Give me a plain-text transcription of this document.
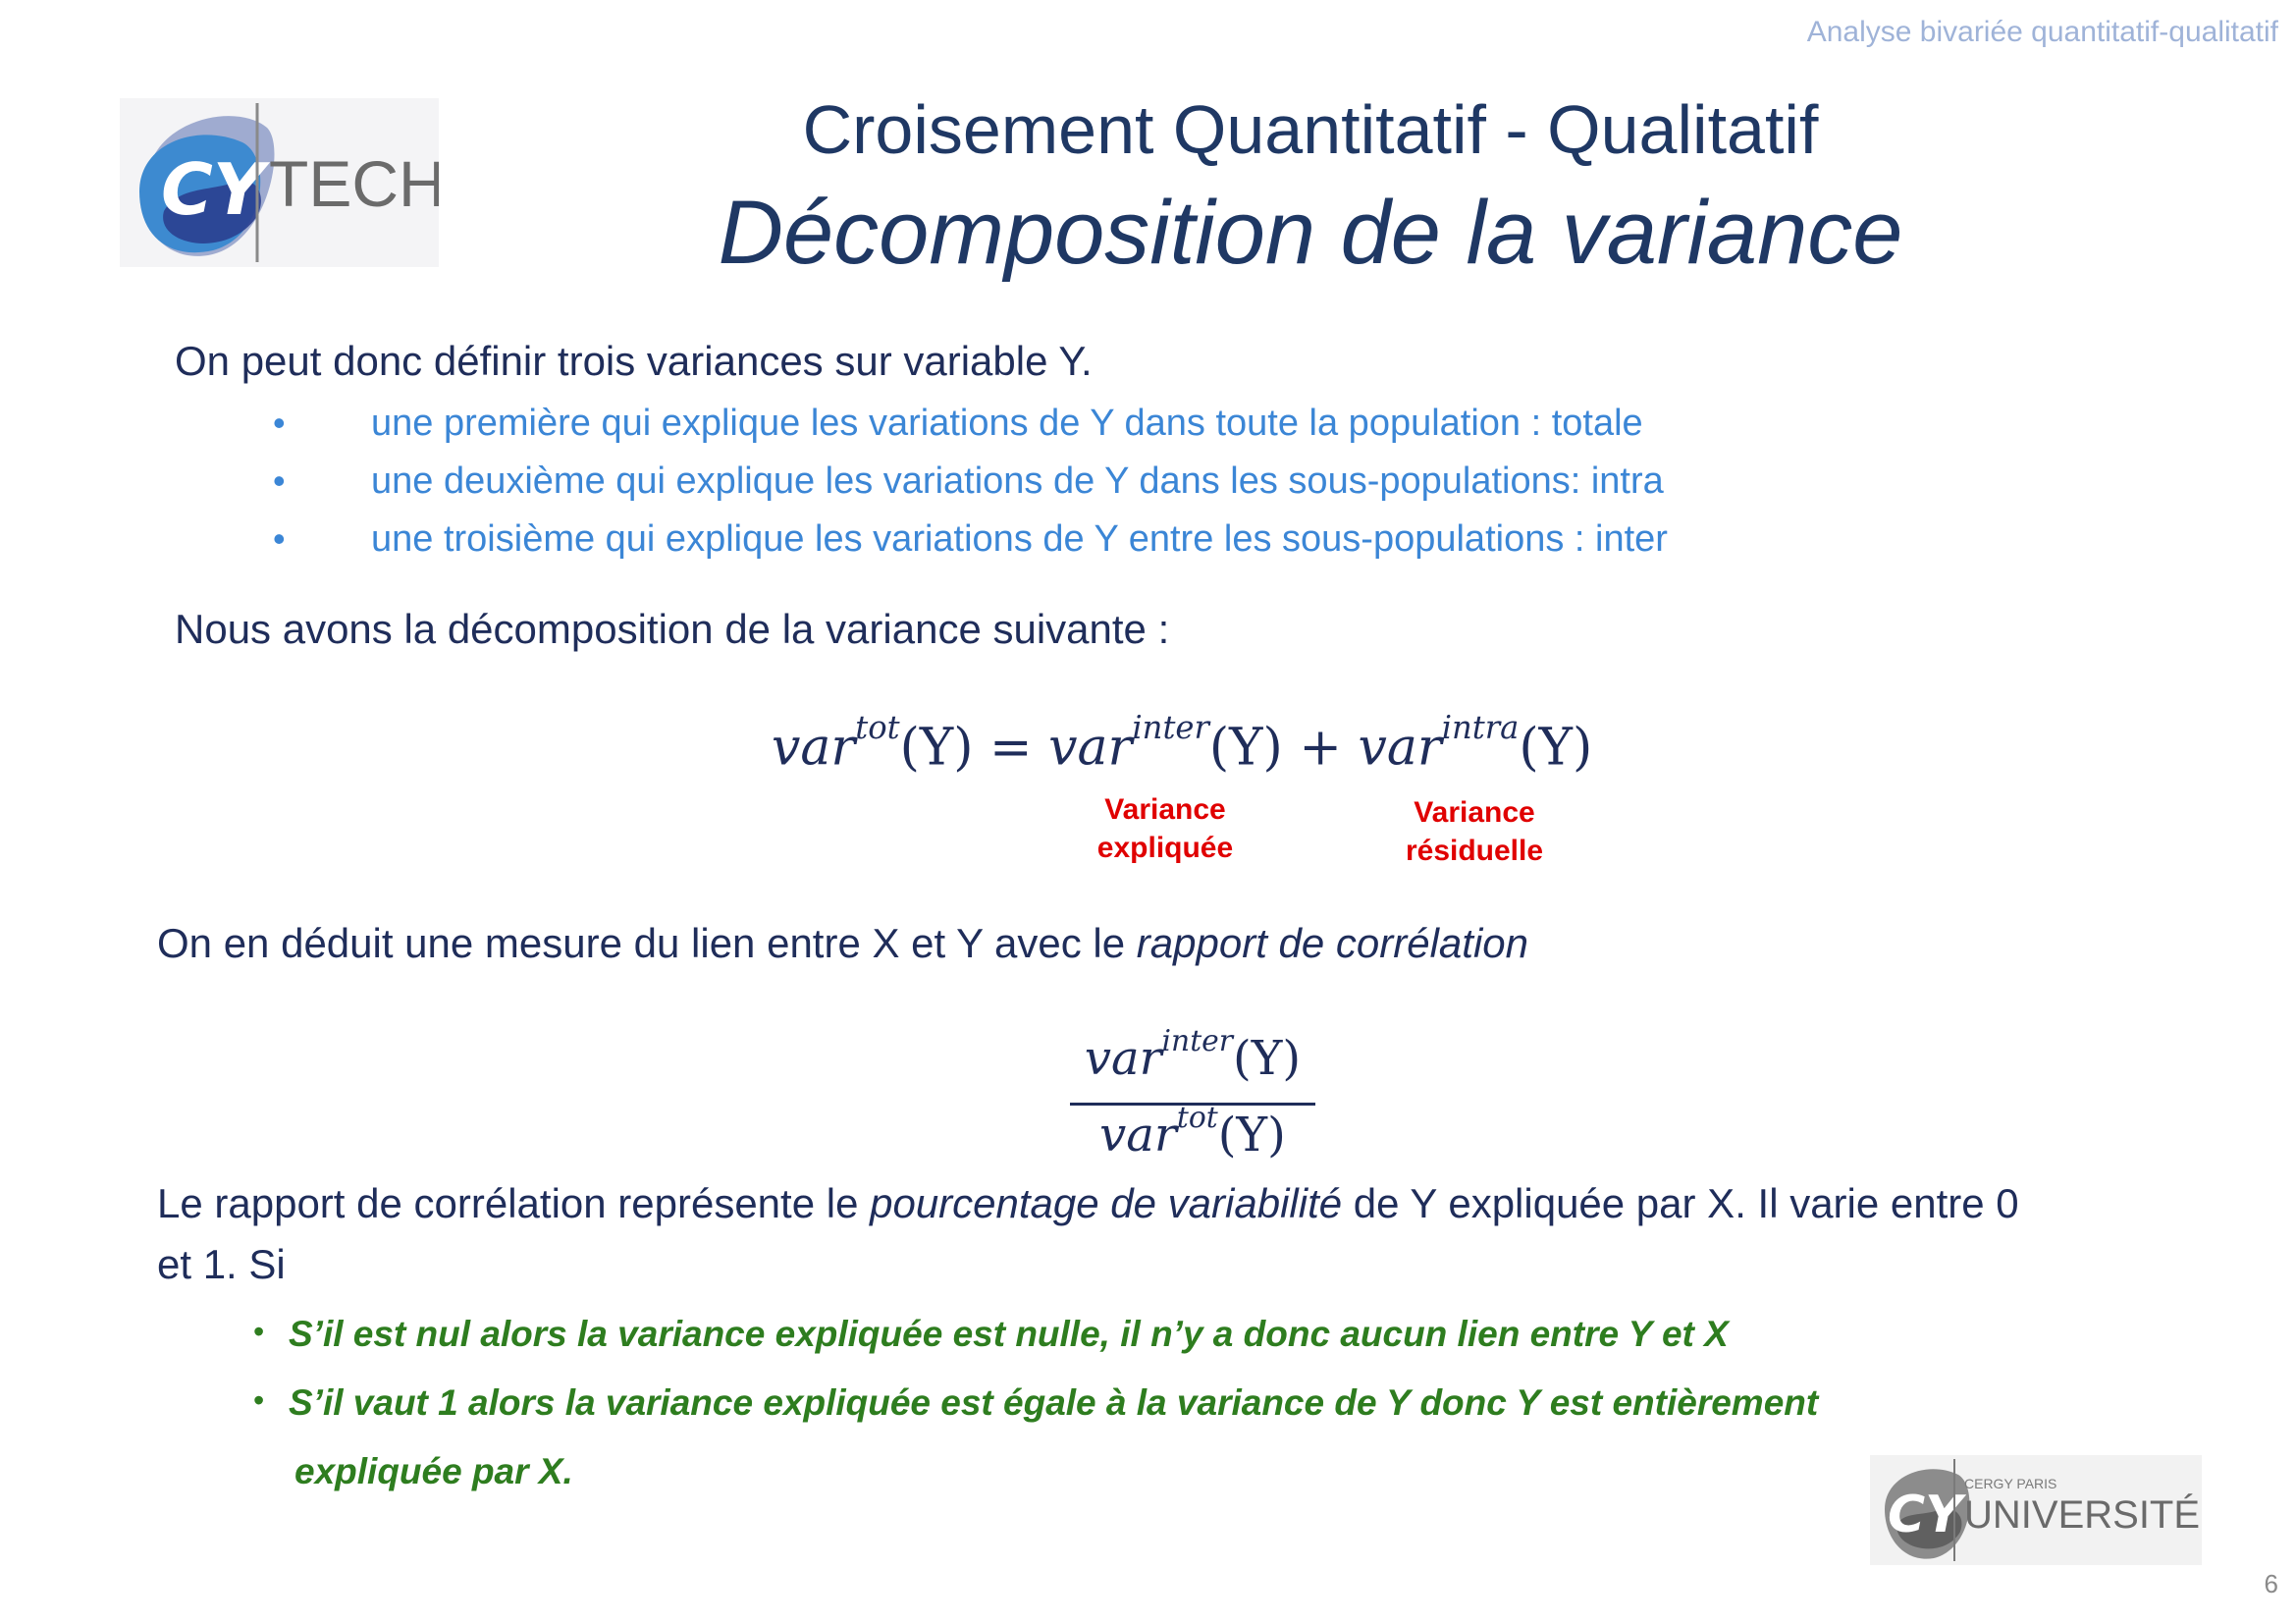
Analyse bivariée quantitatif-qualitatif
CY TECH
Croisement Quantitatif - Qualitatif
Décomposition de la variance
On peut donc définir trois variances sur variable Y.
• une première qui explique les variations de Y dans toute la population : totale
• une deuxième qui explique les variations de Y dans les sous-populations: intra
• une troisième qui explique les variations de Y entre les sous-populations : inter
Nous avons la décomposition de la variance suivante :
var$^{tot}$(Y) = var$^{inter}$(Y) + var$^{intra}$(Y)
Variance
expliquée
Variance
résiduelle
On en déduit une mesure du lien entre X et Y avec le rapport de corrélation
var$^{inter}$(Y)
var$^{tot}$(Y)
Le rapport de corrélation représente le pourcentage de variabilité de Y expliquée par X. Il varie entre 0
et 1. Si
• S’il est nul alors la variance expliquée est nulle, il n’y a donc aucun lien entre Y et X
• S’il vaut 1 alors la variance expliquée est égale à la variance de Y donc Y est entièrement
expliquée par X.
CY
CERGY PARIS
UNIVERSITÉ
6
